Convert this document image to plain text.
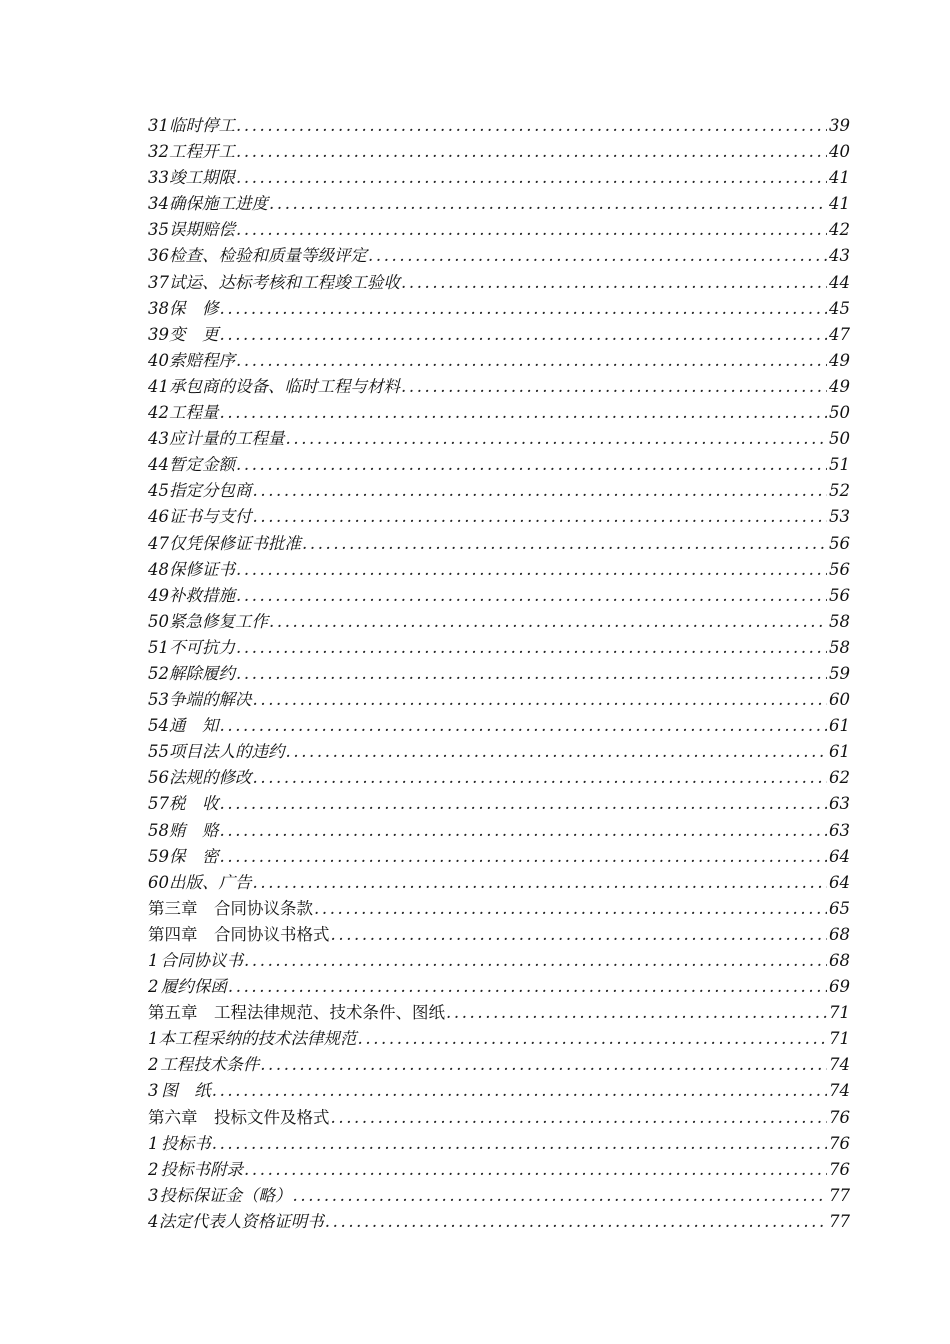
31 临时停工 .....	39
32 工程开工 .....	40
33 竣工期限 .....	41
34 确保施工进度 .....	41
35 误期赔偿 .....	42
36 检查、检验和质量等级评定 .....	43
37 试运、达标考核和工程竣工验收 .....	44
38 保　修 .....	45
39 变　更 .....	47
40 索赔程序 .....	49
41 承包商的设备、临时工程与材料 .....	49
42 工程量 .....	50
43 应计量的工程量 .....	50
44 暂定金额 .....	51
45 指定分包商 .....	52
46 证书与支付 .....	53
47 仅凭保修证书批准 .....	56
48 保修证书 .....	56
49 补救措施 .....	56
50 紧急修复工作 .....	58
51 不可抗力 .....	58
52 解除履约 .....	59
53 争端的解决 .....	60
54 通　知 .....	61
55 项目法人的违约 .....	61
56 法规的修改 .....	62
57 税　收 .....	63
58 贿　赂 .....	63
59 保　密 .....	64
60 出版、广告 .....	64
第三章　合同协议条款 .....	65
第四章　合同协议书格式 .....	68
1 合同协议书 .....	68
2 履约保函 .....	69
第五章　工程法律规范、技术条件、图纸 .....	71
1 本工程采纳的技术法律规范 .....	71
2 工程技术条件 .....	74
3 图　纸 .....	74
第六章　投标文件及格式 .....	76
1 投标书 .....	76
2 投标书附录 .....	76
3 投标保证金（略） .....	77
4 法定代表人资格证明书 .....	77
